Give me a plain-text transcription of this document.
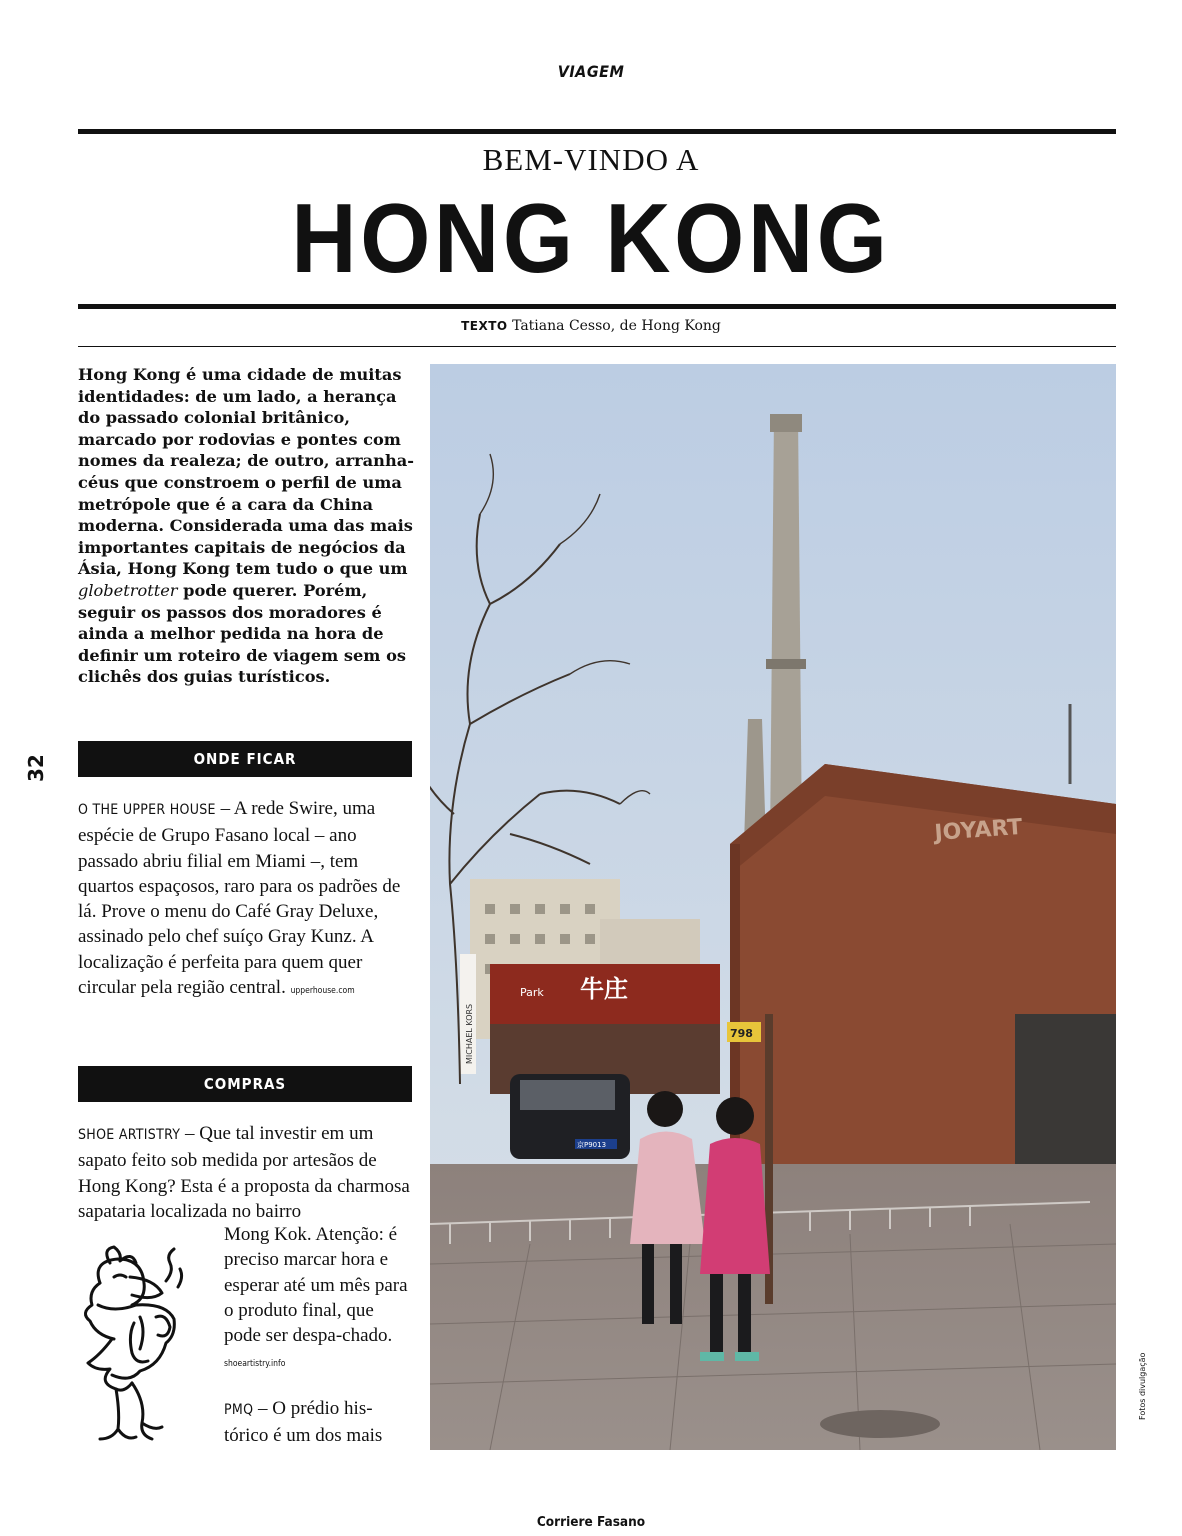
VIAGEM
BEM-VINDO A
HONG KONG
TEXTO Tatiana Cesso, de Hong Kong

Hong Kong é uma cidade de muitas identidades: de um lado, a herança do passado colonial britânico, marcado por rodovias e pontes com nomes da realeza; de outro, arranha-céus que constroem o perfil de uma metrópole que é a cara da China moderna. Considerada uma das mais importantes capitais de negócios da Ásia, Hong Kong tem tudo o que um globetrotter pode querer. Porém, seguir os passos dos moradores é ainda a melhor pedida na hora de definir um roteiro de viagem sem os clichês dos guias turísticos.

32	ONDE FICAR
O THE UPPER HOUSE – A rede Swire, uma espécie de Grupo Fasano local – ano passado abriu filial em Miami –, tem quartos espaçosos, raro para os padrões de lá. Prove o menu do Café Gray Deluxe, assinado pelo chef suíço Gray Kunz. A localização é perfeita para quem quer circular pela região central. upperhouse.com
COMPRAS
SHOE ARTISTRY – Que tal investir em um sapato feito sob medida por artesãos de Hong Kong? Esta é a proposta da charmosa sapataria localizada no bairro
Mong Kok. Atenção: é preciso marcar hora e esperar até um mês para o produto final, que pode ser despa-chado. shoeartistry.info
PMQ – O prédio his-tórico é um dos mais
JOYART
牛庄
Park
798
MICHAEL KORS
京P9013
Fotos divulgação
Corriere Fasano
